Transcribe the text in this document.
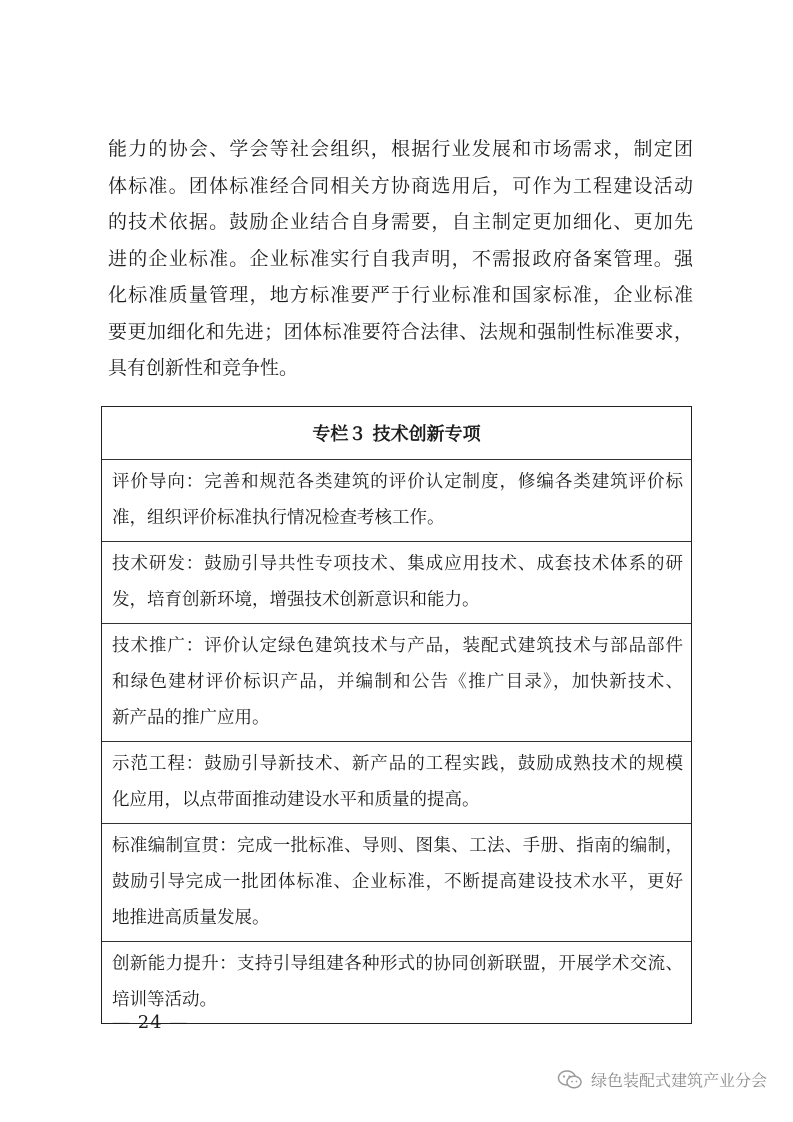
能力的协会、学会等社会组织，根据行业发展和市场需求，制定团
体标准。团体标准经合同相关方协商选用后，可作为工程建设活动
的技术依据。鼓励企业结合自身需要，自主制定更加细化、更加先
进的企业标准。企业标准实行自我声明，不需报政府备案管理。强
化标准质量管理，地方标准要严于行业标准和国家标准，企业标准
要更加细化和先进；团体标准要符合法律、法规和强制性标准要求，
具有创新性和竞争性。
专栏３ 技术创新专项
评价导向：完善和规范各类建筑的评价认定制度，修编各类建筑评价标
准，组织评价标准执行情况检查考核工作。
技术研发：鼓励引导共性专项技术、集成应用技术、成套技术体系的研
发，培育创新环境，增强技术创新意识和能力。
技术推广：评价认定绿色建筑技术与产品，装配式建筑技术与部品部件
和绿色建材评价标识产品，并编制和公告《推广目录》，加快新技术、
新产品的推广应用。
示范工程：鼓励引导新技术、新产品的工程实践，鼓励成熟技术的规模
化应用，以点带面推动建设水平和质量的提高。
标准编制宣贯：完成一批标准、导则、图集、工法、手册、指南的编制，
鼓励引导完成一批团体标准、企业标准，不断提高建设技术水平，更好
地推进高质量发展。
创新能力提升：支持引导组建各种形式的协同创新联盟，开展学术交流、
培训等活动。
— 24 —
绿色装配式建筑产业分会
